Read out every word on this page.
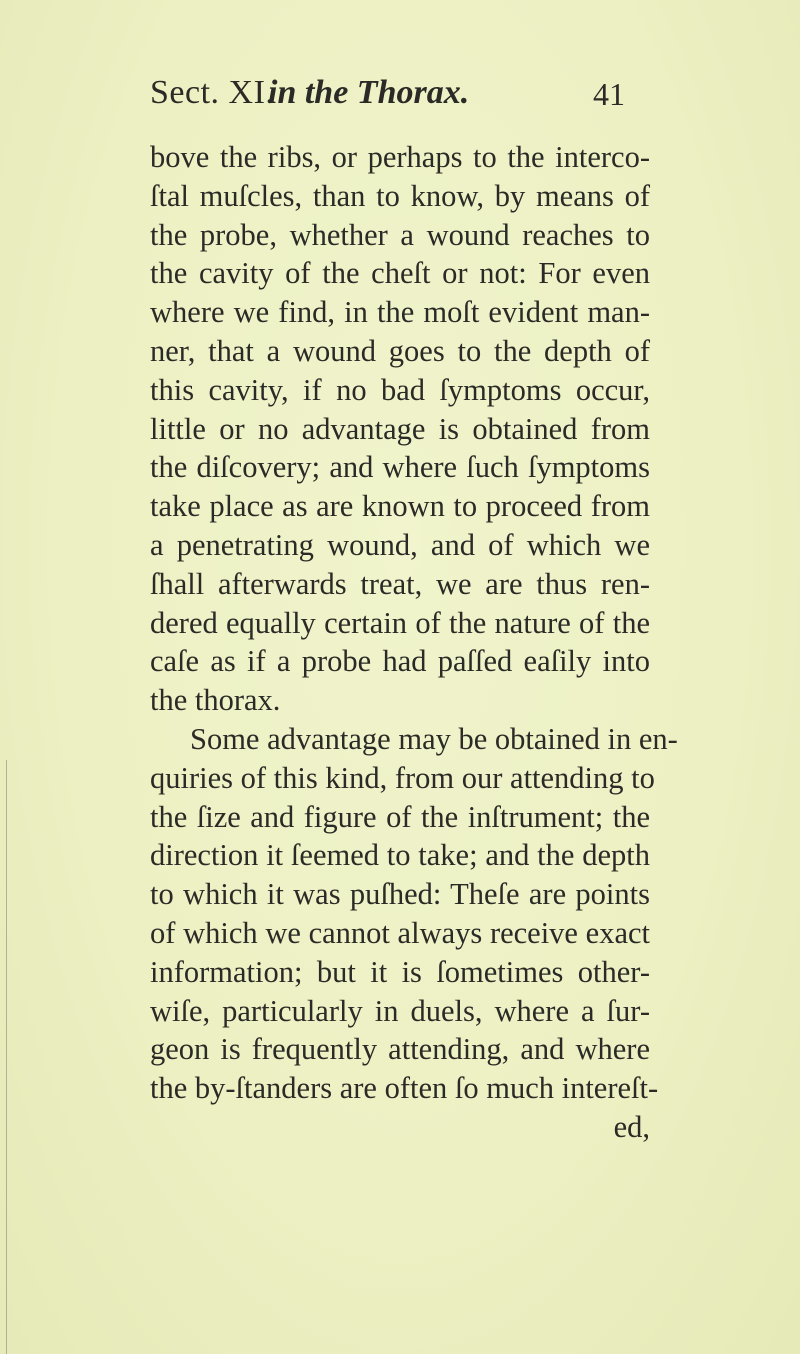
Sect. XI.
in the Thorax.	41
bove the ribs, or perhaps to the interco-
ſtal muſcles, than to know, by means of
the probe, whether a wound reaches to
the cavity of the cheſt or not: For even
where we find, in the moſt evident man-
ner, that a wound goes to the depth of
this cavity, if no bad ſymptoms occur,
little or no advantage is obtained from
the diſcovery; and where ſuch ſymptoms
take place as are known to proceed from
a penetrating wound, and of which we
ſhall afterwards treat, we are thus ren-
dered equally certain of the nature of the
caſe as if a probe had paſſed eaſily into
the thorax.
Some advantage may be obtained in en-
quiries of this kind, from our attending to
the ſize and figure of the inſtrument; the
direction it ſeemed to take; and the depth
to which it was puſhed: Theſe are points
of which we cannot always receive exact
information; but it is ſometimes other-
wiſe, particularly in duels, where a ſur-
geon is frequently attending, and where
the by-ſtanders are often ſo much intereſt-
ed,
